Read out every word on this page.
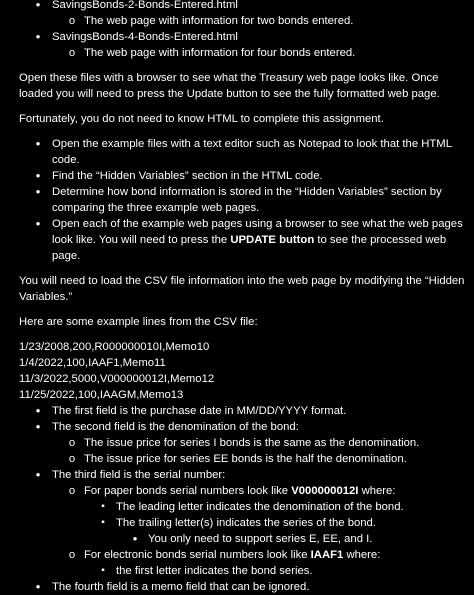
● SavingsBonds-2-Bonds-Entered.html
o The web page with information for two bonds entered.
● SavingsBonds-4-Bonds-Entered.html
o The web page with information for four bonds entered.

Open these files with a browser to see what the Treasury web page looks like. Once loaded you will need to press the Update button to see the fully formatted web page.

Fortunately, you do not need to know HTML to complete this assignment.

● Open the example files with a text editor such as Notepad to look that the HTML code.
● Find the “Hidden Variables” section in the HTML code.
● Determine how bond information is stored in the “Hidden Variables” section by comparing the three example web pages.
● Open each of the example web pages using a browser to see what the web pages look like. You will need to press the UPDATE button to see the processed web page.

You will need to load the CSV file information into the web page by modifying the “Hidden Variables.”

Here are some example lines from the CSV file:

1/23/2008,200,R000000010I,Memo10

1/4/2022,100,IAAF1,Memo11

11/3/2022,5000,V000000012I,Memo12

11/25/2022,100,IAAGM,Memo13

● The first field is the purchase date in MM/DD/YYYY format.
● The second field is the denomination of the bond:
o The issue price for series I bonds is the same as the denomination.
o The issue price for series EE bonds is the half the denomination.
● The third field is the serial number:
o For paper bonds serial numbers look like V000000012I where:
▪ The leading letter indicates the denomination of the bond.
▪ The trailing letter(s) indicates the series of the bond.
● You only need to support series E, EE, and I.
o For electronic bonds serial numbers look like IAAF1 where:
▪ the first letter indicates the bond series.
● The fourth field is a memo field that can be ignored.
